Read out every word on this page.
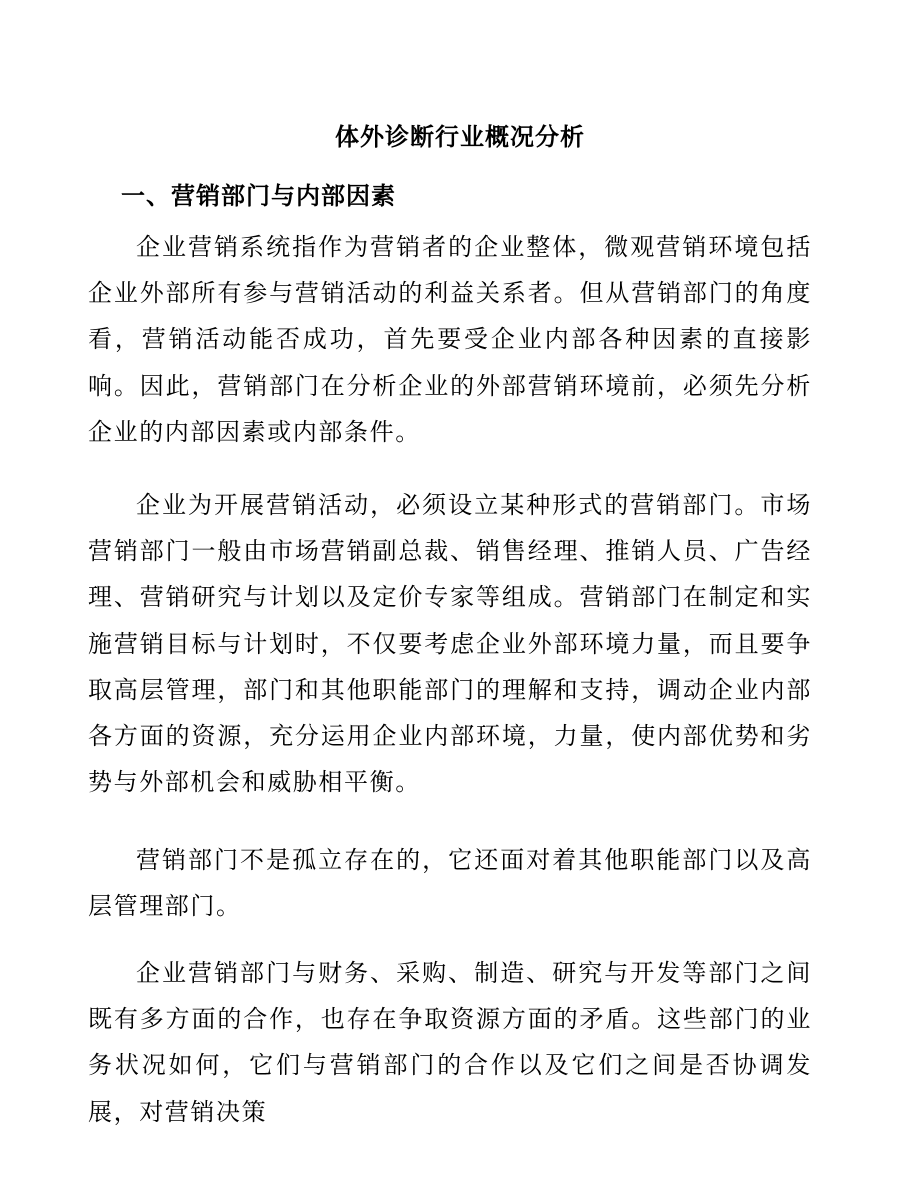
体外诊断行业概况分析
一、营销部门与内部因素

企业营销系统指作为营销者的企业整体，微观营销环境包括企业外部所有参与营销活动的利益关系者。但从营销部门的角度看，营销活动能否成功，首先要受企业内部各种因素的直接影响。因此，营销部门在分析企业的外部营销环境前，必须先分析企业的内部因素或内部条件。

企业为开展营销活动，必须设立某种形式的营销部门。市场营销部门一般由市场营销副总裁、销售经理、推销人员、广告经理、营销研究与计划以及定价专家等组成。营销部门在制定和实施营销目标与计划时，不仅要考虑企业外部环境力量，而且要争取高层管理，部门和其他职能部门的理解和支持，调动企业内部各方面的资源，充分运用企业内部环境，力量，使内部优势和劣势与外部机会和威胁相平衡。

营销部门不是孤立存在的，它还面对着其他职能部门以及高层管理部门。

企业营销部门与财务、采购、制造、研究与开发等部门之间既有多方面的合作，也存在争取资源方面的矛盾。这些部门的业务状况如何，它们与营销部门的合作以及它们之间是否协调发展，对营销决策
